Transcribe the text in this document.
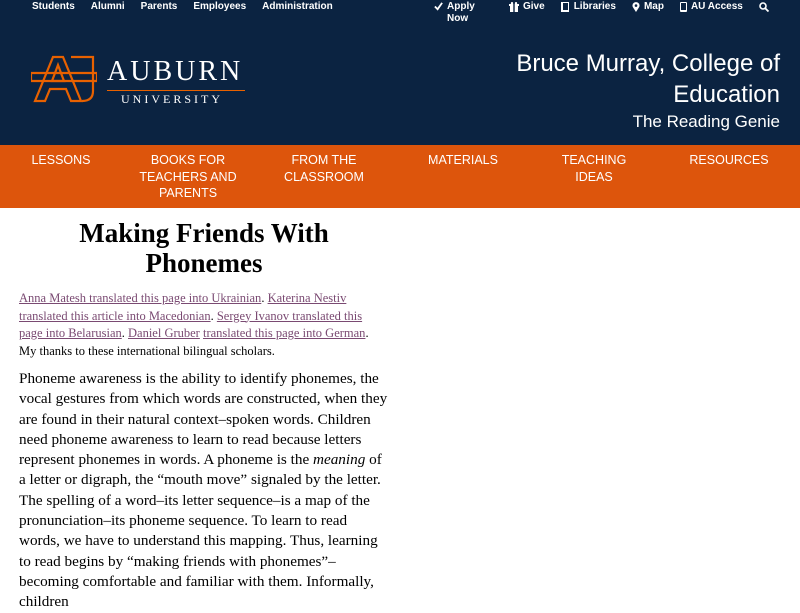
Students Alumni Parents Employees Administration	Apply Now
Give	Libraries	Map	AU Access
AUBURN
UNIVERSITY
Bruce Murray, College of Education
The Reading Genie
LESSONS	BOOKS FOR TEACHERS AND PARENTS
FROM THE CLASSROOM
MATERIALS	TEACHING IDEAS
RESOURCES
Making Friends With Phonemes

Anna Matesh translated this page into Ukrainian. Katerina Nestiv translated this article into Macedonian. Sergey Ivanov translated this page into Belarusian. Daniel Gruber translated this page into German. My thanks to these international bilingual scholars.

Phoneme awareness is the ability to identify phonemes, the vocal gestures from which words are constructed, when they are found in their natural context–spoken words. Children need phoneme awareness to learn to read because letters represent phonemes in words. A phoneme is the meaning of a letter or digraph, the “mouth move” signaled by the letter. The spelling of a word–its letter sequence–is a map of the pronunciation–its phoneme sequence. To learn to read words, we have to understand this mapping. Thus, learning to read begins by “making friends with phonemes”–becoming comfortable and familiar with them. Informally, children
